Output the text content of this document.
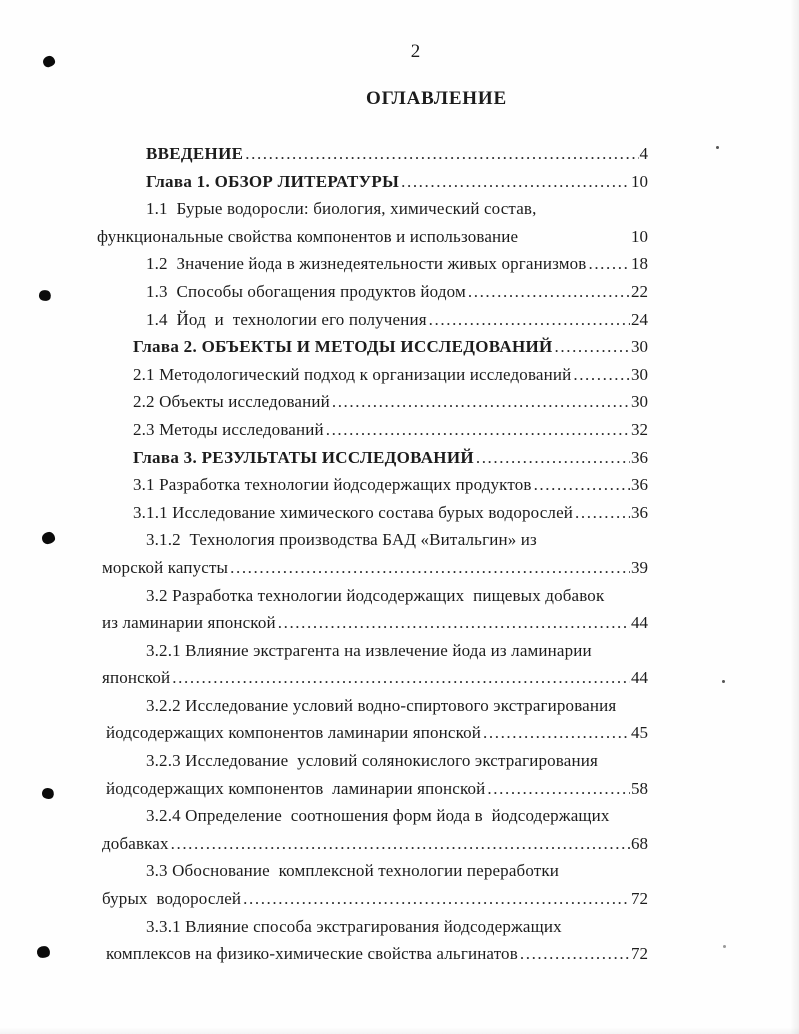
2
ОГЛАВЛЕНИЕ
ВВЕДЕНИЕ .....	4
Глава 1. ОБЗОР ЛИТЕРАТУРЫ .....	10
1.1  Бурые водоросли: биология, химический состав,
функциональные свойства компонентов и использование	10
1.2  Значение йода в жизнедеятельности живых организмов .....	18
1.3  Способы обогащения продуктов йодом .....	22
1.4  Йод  и  технологии его получения .....	24
Глава 2. ОБЪЕКТЫ И МЕТОДЫ ИССЛЕДОВАНИЙ .....	30
2.1 Методологический подход к организации исследований .....	30
2.2 Объекты исследований .....	30
2.3 Методы исследований .....	32
Глава 3. РЕЗУЛЬТАТЫ ИССЛЕДОВАНИЙ .....	36
3.1 Разработка технологии йодсодержащих продуктов .....	36
3.1.1 Исследование химического состава бурых водорослей .....	36
3.1.2  Технология производства БАД «Витальгин» из
морской капусты .....	39
3.2 Разработка технологии йодсодержащих  пищевых добавок
из ламинарии японской .....	44
3.2.1 Влияние экстрагента на извлечение йода из ламинарии
японской .....	44
3.2.2 Исследование условий водно-спиртового экстрагирования
йодсодержащих компонентов ламинарии японской .....	45
3.2.3 Исследование  условий солянокислого экстрагирования
йодсодержащих компонентов  ламинарии японской .....	58
3.2.4 Определение  соотношения форм йода в  йодсодержащих
добавках .....	68
3.3 Обоснование  комплексной технологии переработки
бурых  водорослей .....	72
3.3.1 Влияние способа экстрагирования йодсодержащих
комплексов на физико-химические свойства альгинатов .....	72
